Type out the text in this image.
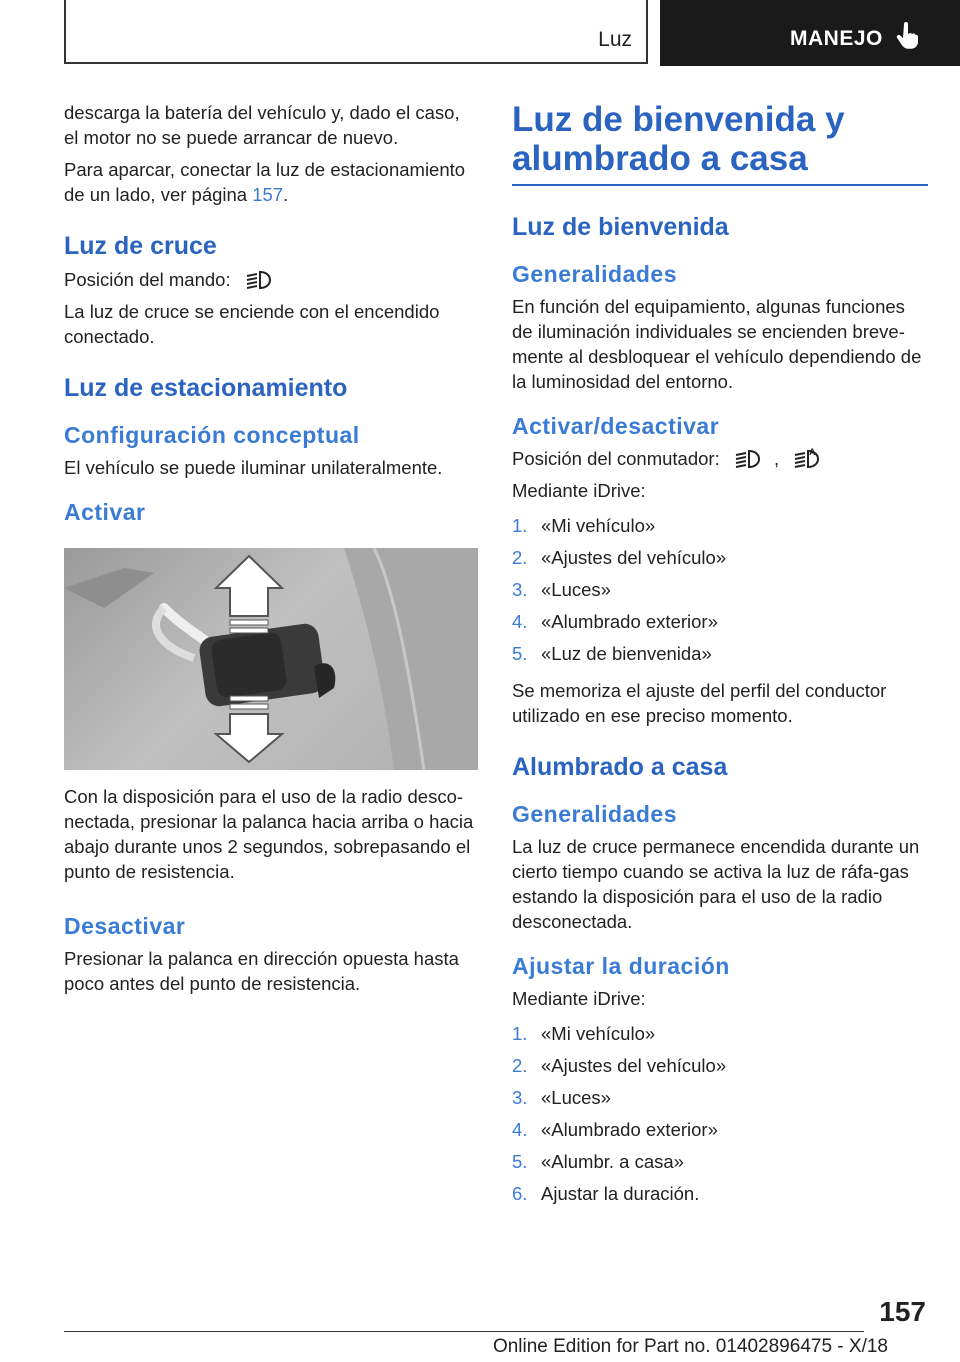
Luz	MANEJO

descarga la batería del vehículo y, dado el caso, el motor no se puede arrancar de nuevo.

Para aparcar, conectar la luz de estacionamiento de un lado, ver página 157.

Luz de cruce

Posición del mando:

La luz de cruce se enciende con el encendido conectado.

Luz de estacionamiento
Configuración conceptual

El vehículo se puede iluminar unilateralmente.

Activar

Con la disposición para el uso de la radio desco-nectada, presionar la palanca hacia arriba o hacia abajo durante unos 2 segundos, sobrepasando el punto de resistencia.

Desactivar

Presionar la palanca en dirección opuesta hasta poco antes del punto de resistencia.

Luz de bienvenida y alumbrado a casa
Luz de bienvenida
Generalidades

En función del equipamiento, algunas funciones de iluminación individuales se encienden breve-mente al desbloquear el vehículo dependiendo de la luminosidad del entorno.

Activar/desactivar

Posición del conmutador:	,	A

Mediante iDrive:

1. «Mi vehículo»
2. «Ajustes del vehículo»
3. «Luces»
4. «Alumbrado exterior»
5. «Luz de bienvenida»

Se memoriza el ajuste del perfil del conductor utilizado en ese preciso momento.

Alumbrado a casa
Generalidades

La luz de cruce permanece encendida durante un cierto tiempo cuando se activa la luz de ráfa-gas estando la disposición para el uso de la radio desconectada.

Ajustar la duración

Mediante iDrive:

1. «Mi vehículo»
2. «Ajustes del vehículo»
3. «Luces»
4. «Alumbrado exterior»
5. «Alumbr. a casa»
6. Ajustar la duración.
157
Online Edition for Part no. 01402896475 - X/18
